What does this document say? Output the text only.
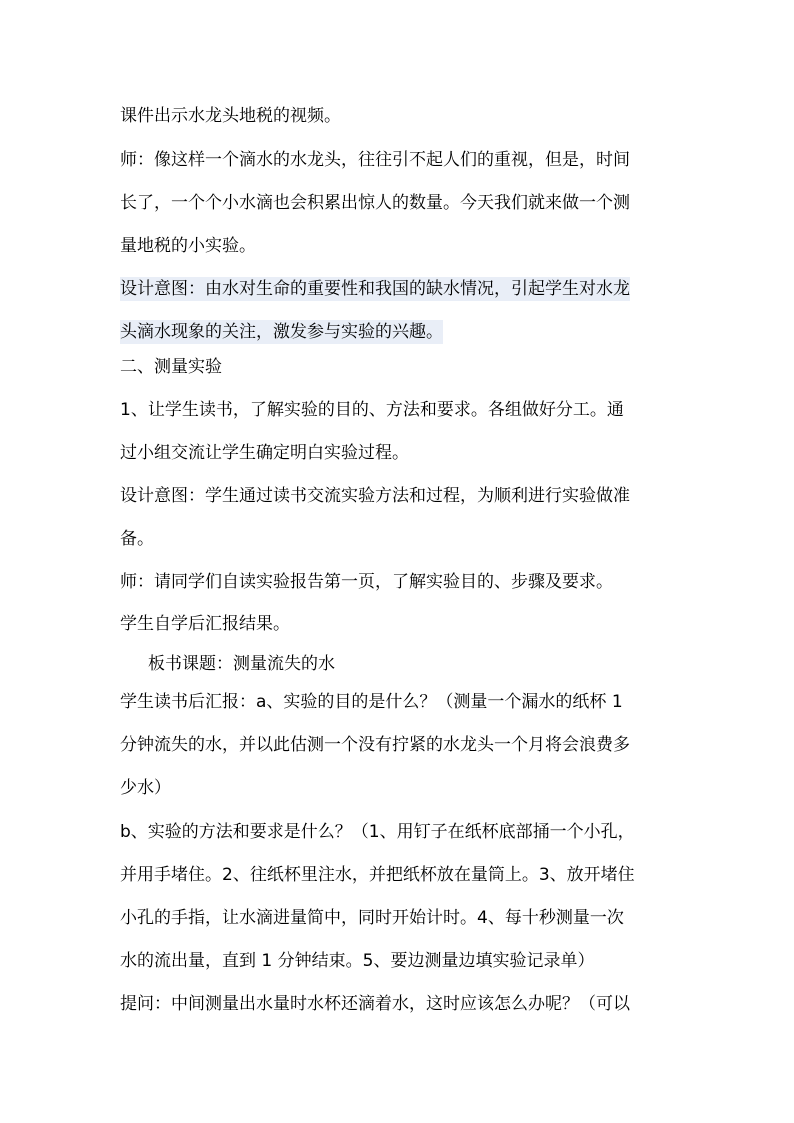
课件出示水龙头地税的视频。
师：像这样一个滴水的水龙头，往往引不起人们的重视，但是，时间
长了，一个个小水滴也会积累出惊人的数量。今天我们就来做一个测
量地税的小实验。
设计意图：由水对生命的重要性和我国的缺水情况，引起学生对水龙
头滴水现象的关注，激发参与实验的兴趣。
二、测量实验
1、让学生读书，了解实验的目的、方法和要求。各组做好分工。通
过小组交流让学生确定明白实验过程。
设计意图：学生通过读书交流实验方法和过程，为顺利进行实验做准
备。
师：请同学们自读实验报告第一页，了解实验目的、步骤及要求。
学生自学后汇报结果。
板书课题：测量流失的水
学生读书后汇报：a、实验的目的是什么？（测量一个漏水的纸杯 1
分钟流失的水，并以此估测一个没有拧紧的水龙头一个月将会浪费多
少水）
b、实验的方法和要求是什么？（1、用钉子在纸杯底部捅一个小孔，
并用手堵住。2、往纸杯里注水，并把纸杯放在量筒上。3、放开堵住
小孔的手指，让水滴进量简中，同时开始计时。4、每十秒测量一次
水的流出量，直到 1 分钟结束。5、要边测量边填实验记录单）
提问：中间测量出水量时水杯还滴着水，这时应该怎么办呢？（可以
